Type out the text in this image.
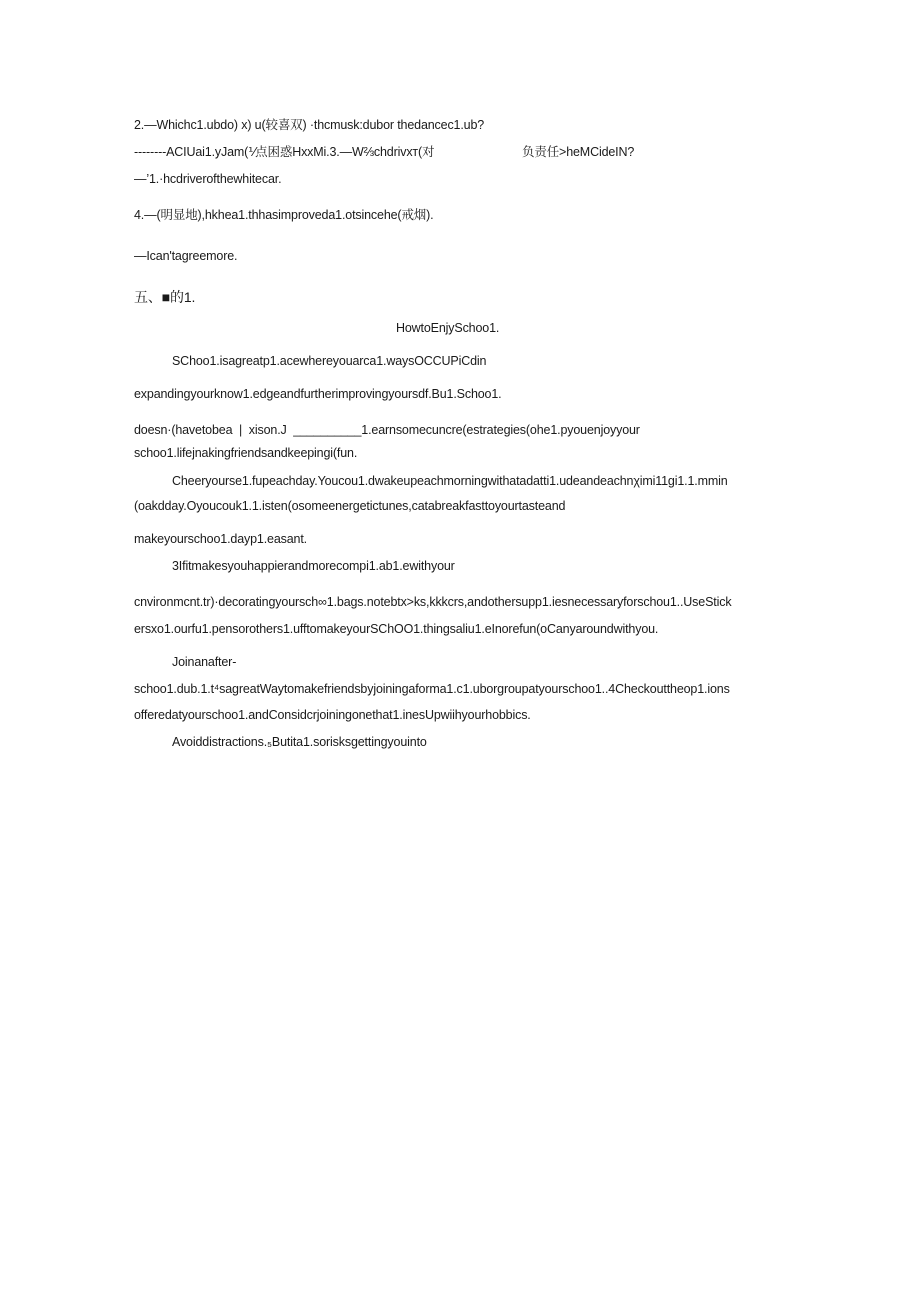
2.—Whichc1.ubdo) x) u(较喜双) ·thcmusk:dubor thedancec1.ub?
--------ACIUai1.yJam(⅟点困惑HxxMi.3.—W⅔chdrivxт(对	负责任>heMCideIN?
—’1.·hcdriverofthewhitecar.
4.—(明显地),hkhea1.thhasimproveda1.otsincehe(戒烟).
—Ican'tagreemore.
五、■的1.
HowtoEnjySchoo1.
SChoo1.isagreatp1.acewhereyouarca1.waysOCCUPiCdin
expandingyourknow1.edgeandfurtherimprovingyoursdf.Bu1.Schoo1.
doesn·(havetobea  |  xison.J  __________1.earnsomecuncre(estrategies(ohe1.pyouenjoyyour
schoo1.lifejnakingfriendsandkeepingi(fun.
Cheeryourse1.fupeachday.Youcou1.dwakeupeachmorningwithatadatti1.udeandeachnχimi11gi1.1.mmin
(oakdday.Oyoucouk1.1.isten(osomeenergetictunes,catabreakfasttoyourtasteand
makeyourschoo1.dayp1.easant.
3Ifitmakesyouhappierandmorecompi1.ab1.ewithyour
cnvironmcnt.tr)·decoratingyoursch∞1.bags.notebtx>ks,kkkcrs,andothersupp1.iesnecessaryforschou1..UseStick
ersxo1.ourfu1.pensorothers1.ufftomakeyourSChOO1.thingsaliu1.eInorefun(oCanyaroundwithyou.
Joinanafter-
schoo1.dub.1.t⁴sagreatWaytomakefriendsbyjoiningaforma1.c1.uborgroupatyourschoo1..4Checkouttheop1.ions
offeredatyourschoo1.andConsidcrjoiningonethat1.inesUpwiihyourhobbics.
Avoiddistractions.₅Butita1.sorisksgettingyouinto
